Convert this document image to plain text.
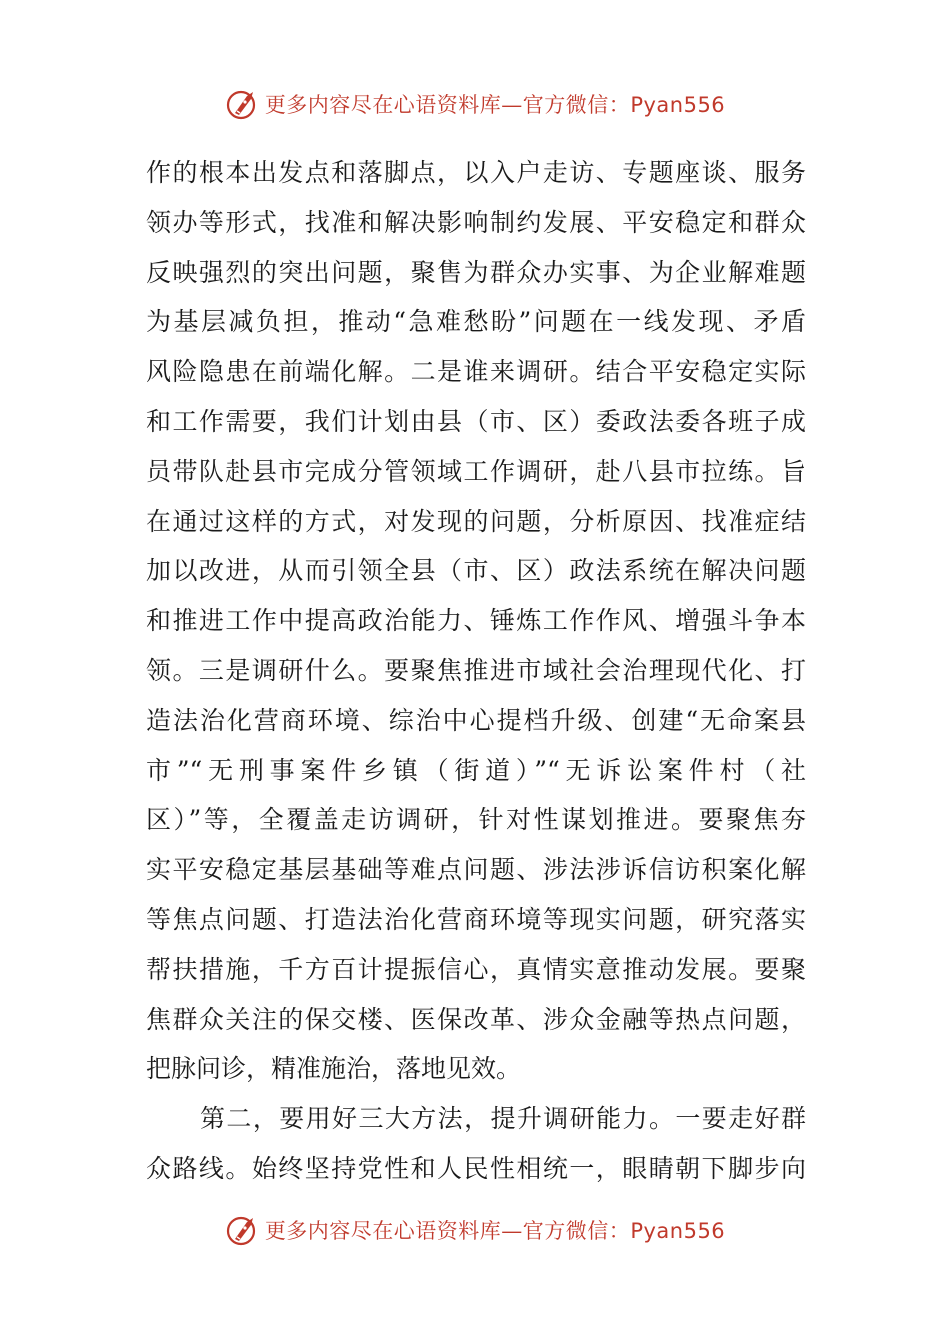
更多内容尽在心语资料库—官方微信：Pyan556
作的根本出发点和落脚点，以入户走访、专题座谈、服务
领办等形式，找准和解决影响制约发展、平安稳定和群众
反映强烈的突出问题，聚售为群众办实事、为企业解难题
为基层减负担，推动“急难愁盼”问题在一线发现、矛盾
风险隐患在前端化解。二是谁来调研。结合平安稳定实际
和工作需要，我们计划由县（市、区）委政法委各班子成
员带队赴县市完成分管领域工作调研，赴八县市拉练。旨
在通过这样的方式，对发现的问题，分析原因、找准症结
加以改进，从而引领全县（市、区）政法系统在解决问题
和推进工作中提高政治能力、锤炼工作作风、增强斗争本
领。三是调研什么。要聚焦推进市域社会治理现代化、打
造法治化营商环境、综治中心提档升级、创建“无命案县
市”“无刑事案件乡镇（街道）”“无诉讼案件村（社
区）”等，全覆盖走访调研，针对性谋划推进。要聚焦夯
实平安稳定基层基础等难点问题、涉法涉诉信访积案化解
等焦点问题、打造法治化营商环境等现实问题，研究落实
帮扶措施，千方百计提振信心，真情实意推动发展。要聚
焦群众关注的保交楼、医保改革、涉众金融等热点问题，
把脉问诊，精准施治，落地见效。
第二，要用好三大方法，提升调研能力。一要走好群
众路线。始终坚持党性和人民性相统一，眼睛朝下脚步向
更多内容尽在心语资料库—官方微信：Pyan556
